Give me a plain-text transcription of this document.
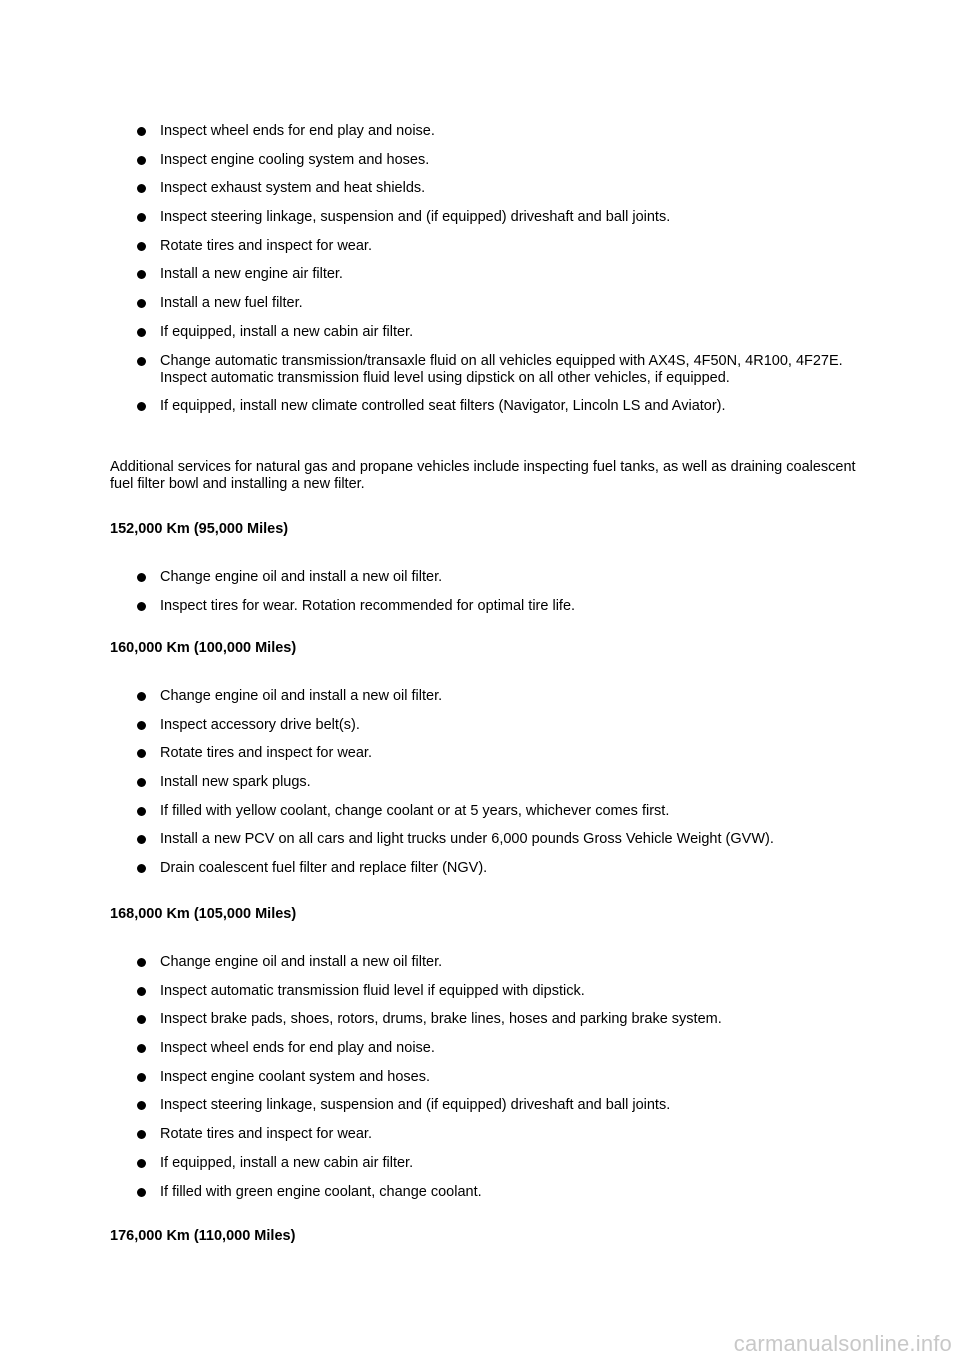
Inspect wheel ends for end play and noise.
Inspect engine cooling system and hoses.
Inspect exhaust system and heat shields.
Inspect steering linkage, suspension and (if equipped) driveshaft and ball joints.
Rotate tires and inspect for wear.
Install a new engine air filter.
Install a new fuel filter.
If equipped, install a new cabin air filter.
Change automatic transmission/transaxle fluid on all vehicles equipped with AX4S, 4F50N, 4R100, 4F27E. Inspect automatic transmission fluid level using dipstick on all other vehicles, if equipped.
If equipped, install new climate controlled seat filters (Navigator, Lincoln LS and Aviator).
Additional services for natural gas and propane vehicles include inspecting fuel tanks, as well as draining coalescent fuel filter bowl and installing a new filter.
152,000 Km (95,000 Miles)
Change engine oil and install a new oil filter.
Inspect tires for wear. Rotation recommended for optimal tire life.
160,000 Km (100,000 Miles)
Change engine oil and install a new oil filter.
Inspect accessory drive belt(s).
Rotate tires and inspect for wear.
Install new spark plugs.
If filled with yellow coolant, change coolant or at 5 years, whichever comes first.
Install a new PCV on all cars and light trucks under 6,000 pounds Gross Vehicle Weight (GVW).
Drain coalescent fuel filter and replace filter (NGV).
168,000 Km (105,000 Miles)
Change engine oil and install a new oil filter.
Inspect automatic transmission fluid level if equipped with dipstick.
Inspect brake pads, shoes, rotors, drums, brake lines, hoses and parking brake system.
Inspect wheel ends for end play and noise.
Inspect engine coolant system and hoses.
Inspect steering linkage, suspension and (if equipped) driveshaft and ball joints.
Rotate tires and inspect for wear.
If equipped, install a new cabin air filter.
If filled with green engine coolant, change coolant.
176,000 Km (110,000 Miles)
carmanualsonline.info
